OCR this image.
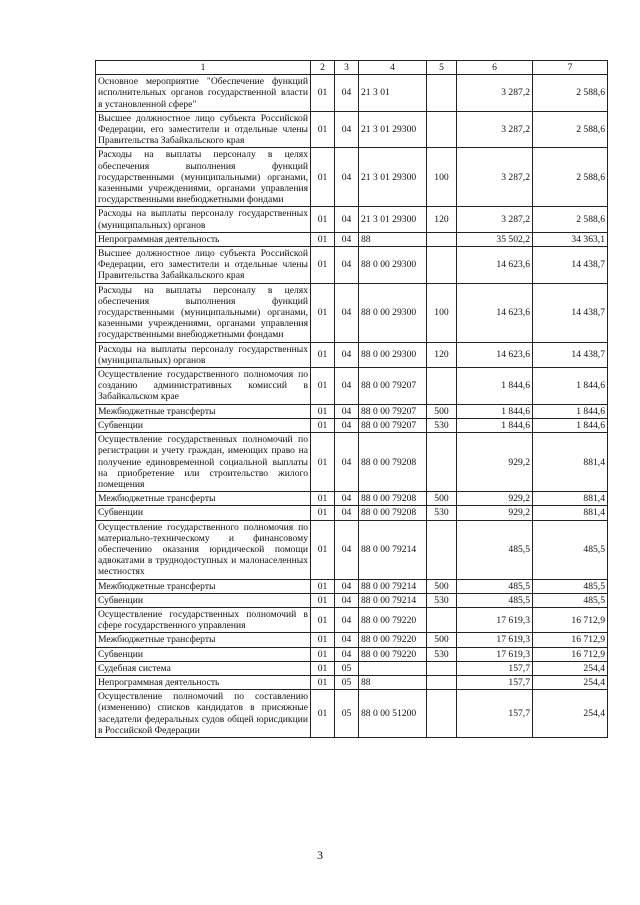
1	2	3	4	5	6	7
Основное мероприятие "Обеспечение функций исполнительных органов государственной власти в установленной сфере"	01	04	21 3 01		3 287,2	2 588,6
Высшее должностное лицо субъекта Российской Федерации, его заместители и отдельные члены Правительства Забайкальского края	01	04	21 3 01 29300		3 287,2	2 588,6
Расходы на выплаты персоналу в целях обеспечения выполнения функций государственными (муниципальными) органами, казенными учреждениями, органами управления государственными внебюджетными фондами	01	04	21 3 01 29300	100	3 287,2	2 588,6
Расходы на выплаты персоналу государственных (муниципальных) органов	01	04	21 3 01 29300	120	3 287,2	2 588,6
Непрограммная деятельность	01	04	88		35 502,2	34 363,1
Высшее должностное лицо субъекта Российской Федерации, его заместители и отдельные члены Правительства Забайкальского края	01	04	88 0 00 29300		14 623,6	14 438,7
Расходы на выплаты персоналу в целях обеспечения выполнения функций государственными (муниципальными) органами, казенными учреждениями, органами управления государственными внебюджетными фондами	01	04	88 0 00 29300	100	14 623,6	14 438,7
Расходы на выплаты персоналу государственных (муниципальных) органов	01	04	88 0 00 29300	120	14 623,6	14 438,7
Осуществление государственного полномочия по созданию административных комиссий в Забайкальском крае	01	04	88 0 00 79207		1 844,6	1 844,6
Межбюджетные трансферты	01	04	88 0 00 79207	500	1 844,6	1 844,6
Субвенции	01	04	88 0 00 79207	530	1 844,6	1 844,6
Осуществление государственных полномочий по регистрации и учету граждан, имеющих право на получение единовременной социальной выплаты на приобретение или строительство жилого помещения	01	04	88 0 00 79208		929,2	881,4
Межбюджетные трансферты	01	04	88 0 00 79208	500	929,2	881,4
Субвенции	01	04	88 0 00 79208	530	929,2	881,4
Осуществление государственного полномочия по материально-техническому и финансовому обеспечению оказания юридической помощи адвокатами в труднодоступных и малонаселенных местностях	01	04	88 0 00 79214		485,5	485,5
Межбюджетные трансферты	01	04	88 0 00 79214	500	485,5	485,5
Субвенции	01	04	88 0 00 79214	530	485,5	485,5
Осуществление государственных полномочий в сфере государственного управления	01	04	88 0 00 79220		17 619,3	16 712,9
Межбюджетные трансферты	01	04	88 0 00 79220	500	17 619,3	16 712,9
Субвенции	01	04	88 0 00 79220	530	17 619,3	16 712,9
Судебная система	01	05			157,7	254,4
Непрограммная деятельность	01	05	88		157,7	254,4
Осуществление полномочий по составлению (изменению) списков кандидатов в присяжные заседатели федеральных судов общей юрисдикции в Российской Федерации	01	05	88 0 00 51200		157,7	254,4
3
